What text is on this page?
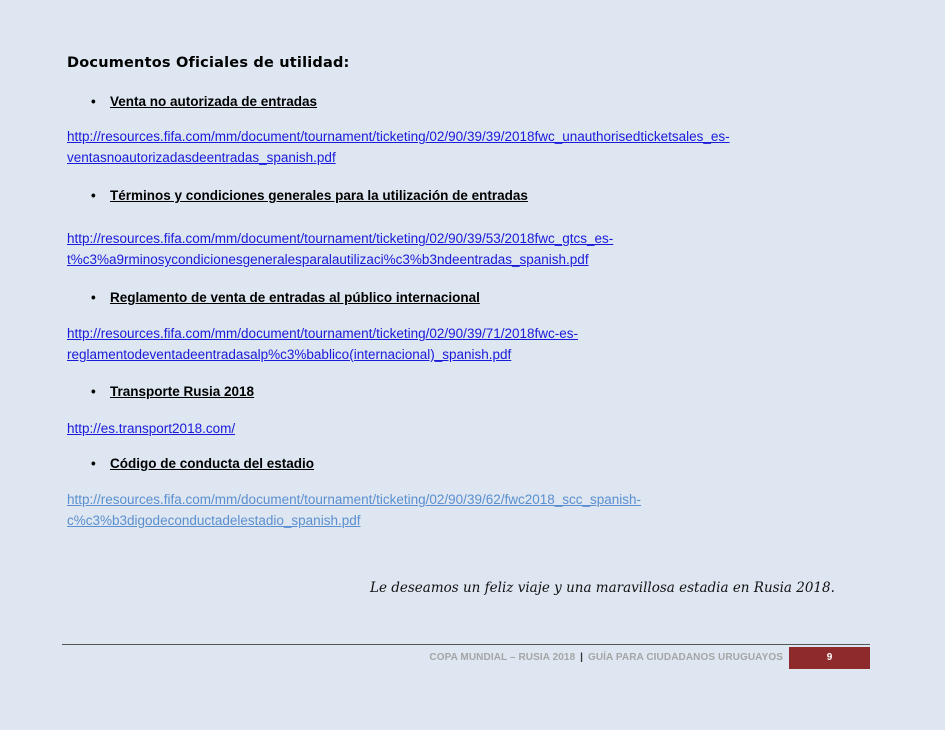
Documentos Oficiales de utilidad:
• Venta no autorizada de entradas
http://resources.fifa.com/mm/document/tournament/ticketing/02/90/39/39/2018fwc_unauthorisedticketsales_es-
ventasnoautorizadasdeentradas_spanish.pdf
• Términos y condiciones generales para la utilización de entradas
http://resources.fifa.com/mm/document/tournament/ticketing/02/90/39/53/2018fwc_gtcs_es-
t%c3%a9rminosycondicionesgeneralesparalautilizaci%c3%b3ndeentradas_spanish.pdf
• Reglamento de venta de entradas al público internacional
http://resources.fifa.com/mm/document/tournament/ticketing/02/90/39/71/2018fwc-es-
reglamentodeventadeentradasalp%c3%bablico(internacional)_spanish.pdf
• Transporte Rusia 2018
http://es.transport2018.com/
• Código de conducta del estadio
http://resources.fifa.com/mm/document/tournament/ticketing/02/90/39/62/fwc2018_scc_spanish-
c%c3%b3digodeconductadelestadio_spanish.pdf
Le deseamos un feliz viaje y una maravillosa estadia en Rusia 2018.
COPA MUNDIAL – RUSIA 2018 | GUÍA PARA CIUDADANOS URUGUAYOS	9
